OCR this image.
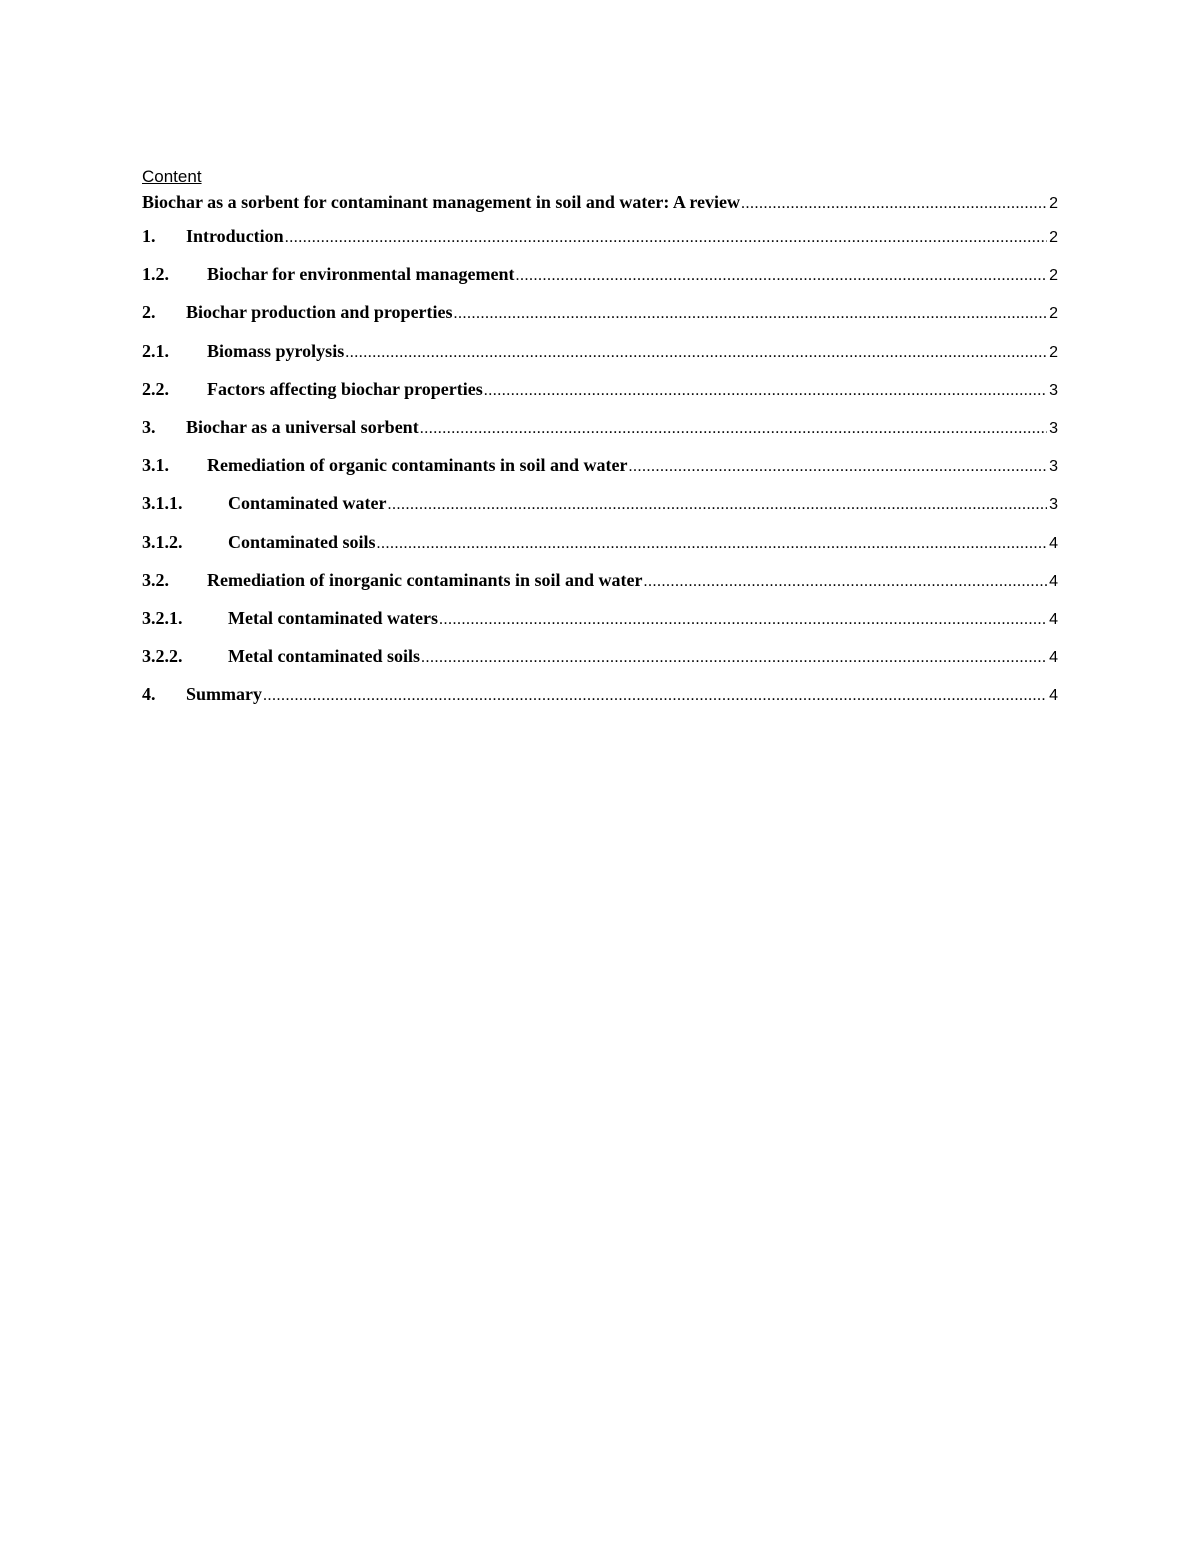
Content
Biochar as a sorbent for contaminant management in soil and water: A review .....	2
1.	Introduction .....	2
1.2.	Biochar for environmental management .....	2
2.	Biochar production and properties .....	2
2.1.	Biomass pyrolysis .....	2
2.2.	Factors affecting biochar properties .....	3
3.	Biochar as a universal sorbent .....	3
3.1.	Remediation of organic contaminants in soil and water .....	3
3.1.1.	Contaminated water .....	3
3.1.2.	Contaminated soils .....	4
3.2.	Remediation of inorganic contaminants in soil and water .....	4
3.2.1.	Metal contaminated waters .....	4
3.2.2.	Metal contaminated soils .....	4
4.	Summary .....	4
